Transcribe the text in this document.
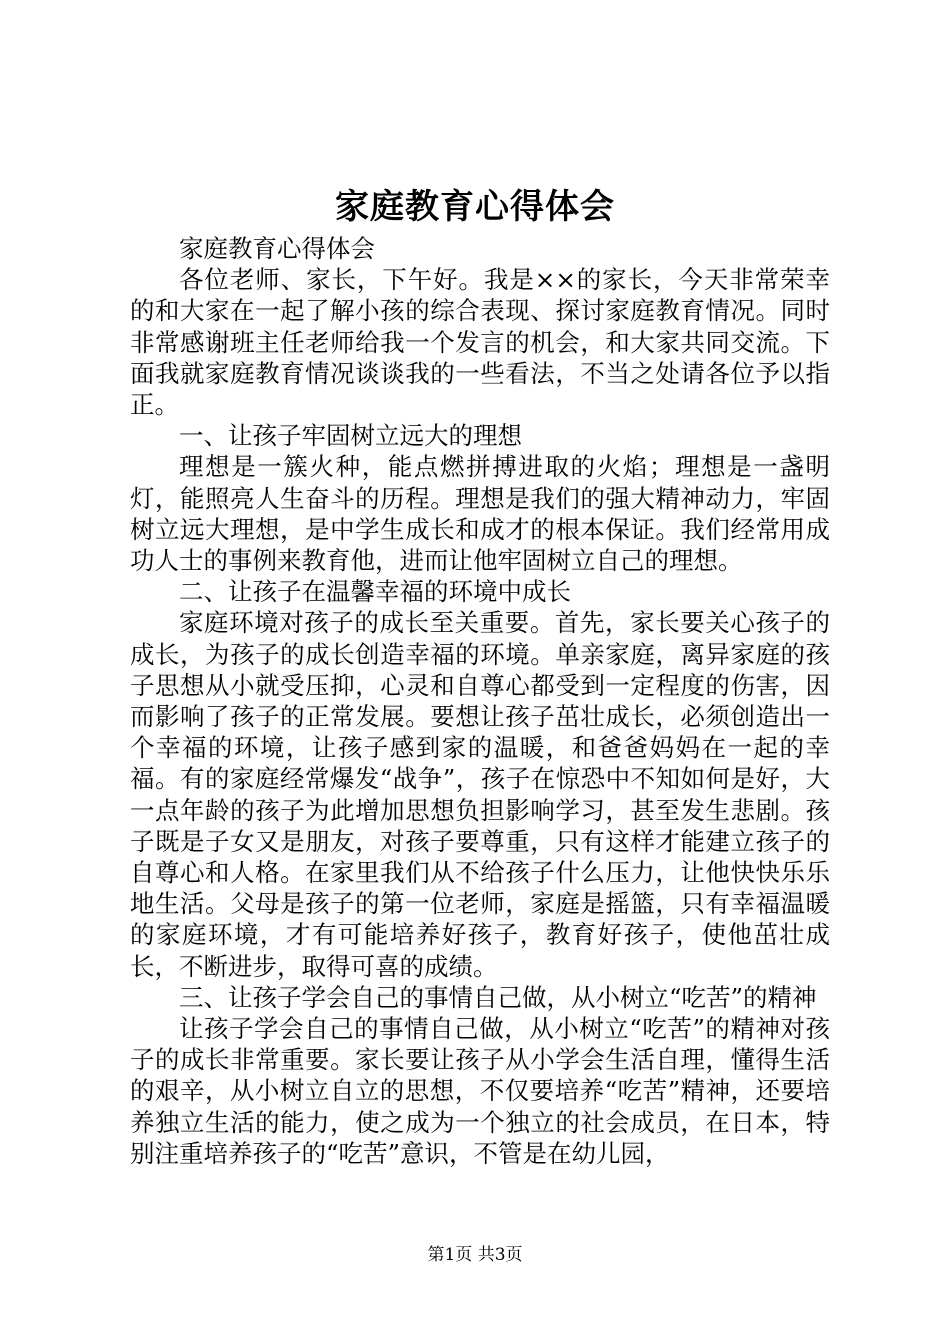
家庭教育心得体会

家庭教育心得体会

各位老师、家长，下午好。我是××的家长，今天非常荣幸的和大家在一起了解小孩的综合表现、探讨家庭教育情况。同时非常感谢班主任老师给我一个发言的机会，和大家共同交流。下面我就家庭教育情况谈谈我的一些看法，不当之处请各位予以指正。

一、让孩子牢固树立远大的理想

理想是一簇火种，能点燃拼搏进取的火焰；理想是一盏明灯，能照亮人生奋斗的历程。理想是我们的强大精神动力，牢固树立远大理想，是中学生成长和成才的根本保证。我们经常用成功人士的事例来教育他，进而让他牢固树立自己的理想。

二、让孩子在温馨幸福的环境中成长

家庭环境对孩子的成长至关重要。首先，家长要关心孩子的成长，为孩子的成长创造幸福的环境。单亲家庭，离异家庭的孩子思想从小就受压抑，心灵和自尊心都受到一定程度的伤害，因而影响了孩子的正常发展。要想让孩子茁壮成长，必须创造出一个幸福的环境，让孩子感到家的温暖，和爸爸妈妈在一起的幸福。有的家庭经常爆发“战争”，孩子在惊恐中不知如何是好，大一点年龄的孩子为此增加思想负担影响学习，甚至发生悲剧。孩子既是子女又是朋友，对孩子要尊重，只有这样才能建立孩子的自尊心和人格。在家里我们从不给孩子什么压力，让他快快乐乐地生活。父母是孩子的第一位老师，家庭是摇篮，只有幸福温暖的家庭环境，才有可能培养好孩子，教育好孩子，使他茁壮成长，不断进步，取得可喜的成绩。

三、让孩子学会自己的事情自己做，从小树立“吃苦”的精神

让孩子学会自己的事情自己做，从小树立“吃苦”的精神对孩子的成长非常重要。家长要让孩子从小学会生活自理，懂得生活的艰辛，从小树立自立的思想，不仅要培养“吃苦”精神，还要培养独立生活的能力，使之成为一个独立的社会成员，在日本，特别注重培养孩子的“吃苦”意识，不管是在幼儿园，

第1页 共3页
